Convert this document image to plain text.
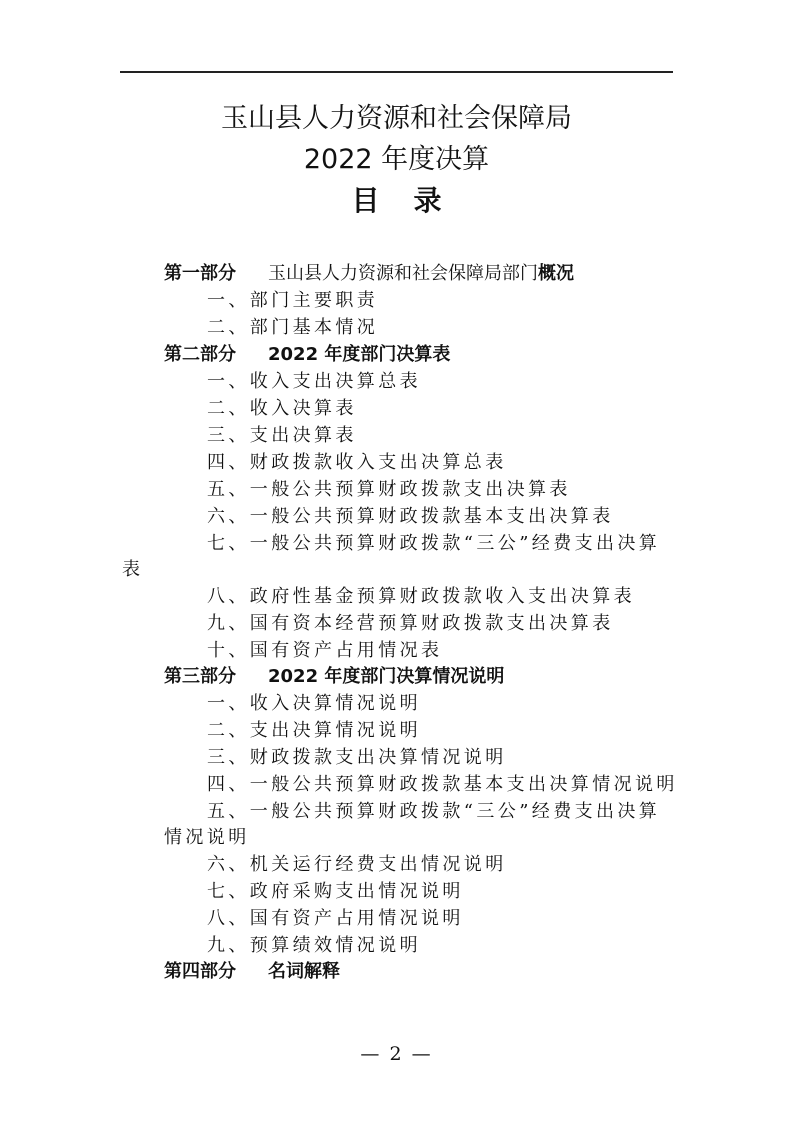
玉山县人力资源和社会保障局
2022 年度决算
目录
第一部分 玉山县人力资源和社会保障局部门概况
一、部门主要职责
二、部门基本情况
第二部分 2022 年度部门决算表
一、收入支出决算总表
二、收入决算表
三、支出决算表
四、财政拨款收入支出决算总表
五、一般公共预算财政拨款支出决算表
六、一般公共预算财政拨款基本支出决算表
七、一般公共预算财政拨款“三公”经费支出决算
表
八、政府性基金预算财政拨款收入支出决算表
九、国有资本经营预算财政拨款支出决算表
十、国有资产占用情况表
第三部分 2022 年度部门决算情况说明
一、收入决算情况说明
二、支出决算情况说明
三、财政拨款支出决算情况说明
四、一般公共预算财政拨款基本支出决算情况说明
五、一般公共预算财政拨款“三公”经费支出决算
情况说明
六、机关运行经费支出情况说明
七、政府采购支出情况说明
八、国有资产占用情况说明
九、预算绩效情况说明
第四部分 名词解释
— 2 —
